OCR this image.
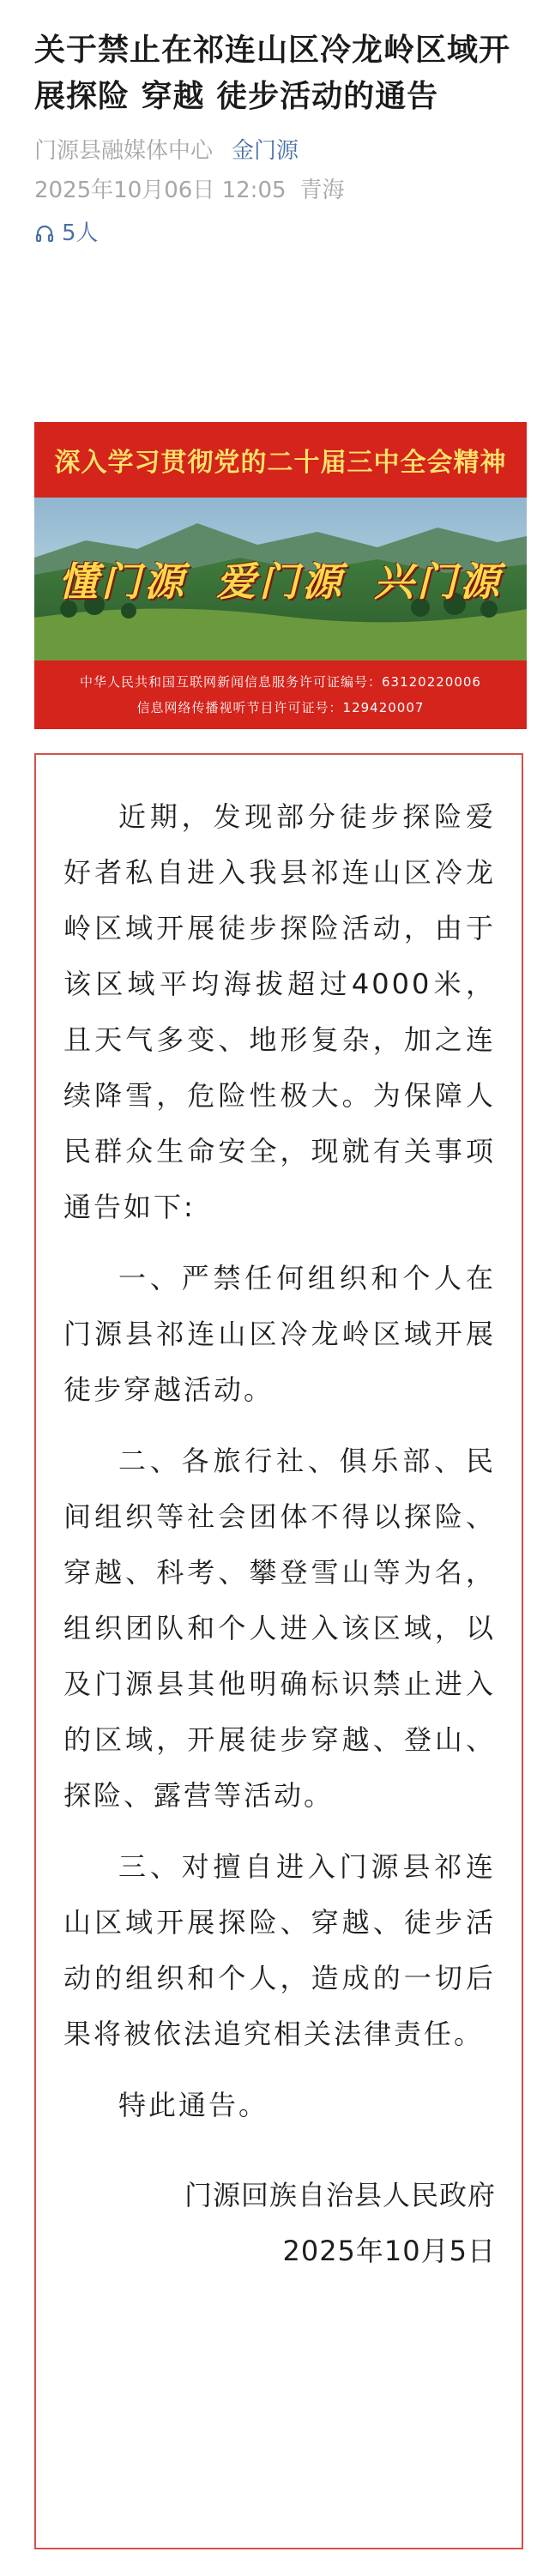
关于禁止在祁连山区冷龙岭区域开展探险 穿越 徒步活动的通告
门源县融媒体中心 金门源
2025年10月06日 12:05 青海
5人
深入学习贯彻党的二十届三中全会精神
懂门源 爱门源 兴门源
中华人民共和国互联网新闻信息服务许可证编号：63120220006
信息网络传播视听节目许可证号：129420007

近期，发现部分徒步探险爱好者私自进入我县祁连山区冷龙岭区域开展徒步探险活动，由于该区域平均海拔超过4000米，且天气多变、地形复杂，加之连续降雪，危险性极大。为保障人民群众生命安全，现就有关事项通告如下:

一、严禁任何组织和个人在门源县祁连山区冷龙岭区域开展徒步穿越活动。

二、各旅行社、俱乐部、民间组织等社会团体不得以探险、穿越、科考、攀登雪山等为名，组织团队和个人进入该区域，以及门源县其他明确标识禁止进入的区域，开展徒步穿越、登山、探险、露营等活动。

三、对擅自进入门源县祁连山区域开展探险、穿越、徒步活动的组织和个人，造成的一切后果将被依法追究相关法律责任。

特此通告。

门源回族自治县人民政府

2025年10月5日
